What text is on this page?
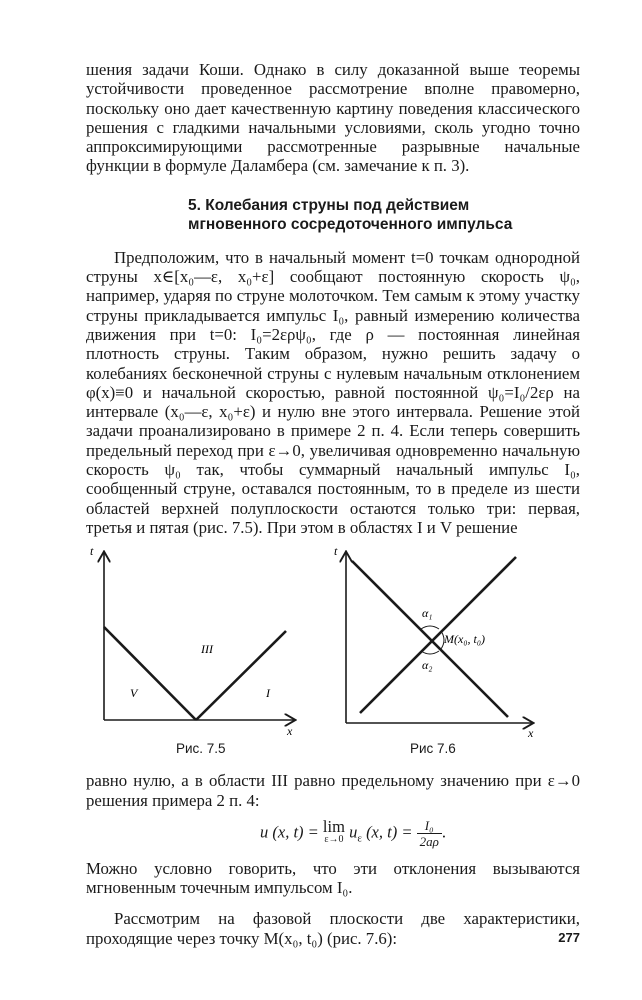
шения задачи Коши. Однако в силу доказанной выше теоремы устойчивости проведенное рассмотрение вполне правомерно, поскольку оно дает качественную картину поведения классического решения с гладкими начальными условиями, сколь угодно точно аппроксимирующими рассмотренные разрывные начальные функции в формуле Даламбера (см. замечание к п. 3).

5. Колебания струны под действием
мгновенного сосредоточенного импульса

Предположим, что в начальный момент t=0 точкам однородной струны x∈[x₀—ε, x₀+ε] сообщают постоянную скорость ψ₀, например, ударяя по струне молоточком. Тем самым к этому участку струны прикладывается импульс I₀, равный измерению количества движения при t=0: I₀=2ερψ₀, где ρ — постоянная линейная плотность струны. Таким образом, нужно решить задачу о колебаниях бесконечной струны с нулевым начальным отклонением φ(x)≡0 и начальной скоростью, равной постоянной ψ₀=I₀/2ερ на интервале (x₀—ε, x₀+ε) и нулю вне этого интервала. Решение этой задачи проанализировано в примере 2 п. 4. Если теперь совершить предельный переход при ε→0, увеличивая одновременно начальную скорость ψ₀ так, чтобы суммарный начальный импульс I₀, сообщенный струне, оставался постоянным, то в пределе из шести областей верхней полуплоскости остаются только три: первая, третья и пятая (рис. 7.5). При этом в областях I и V решение

t
x
V
III
I
Рис. 7.5
α₁
α₂
M(x₀, t₀)
t
x
Рис 7.6

равно нулю, а в области III равно предельному значению при ε→0 решения примера 2 п. 4:

u (x, t) = lim
ε→0 $u_\varepsilon$ (x, $t) = \frac{\text{I₀}}{2a\rho}$ .

Можно условно говорить, что эти отклонения вызываются мгновенным точечным импульсом I₀.

Рассмотрим на фазовой плоскости две характеристики, проходящие через точку M(x₀, t₀) (рис. 7.6):	277
